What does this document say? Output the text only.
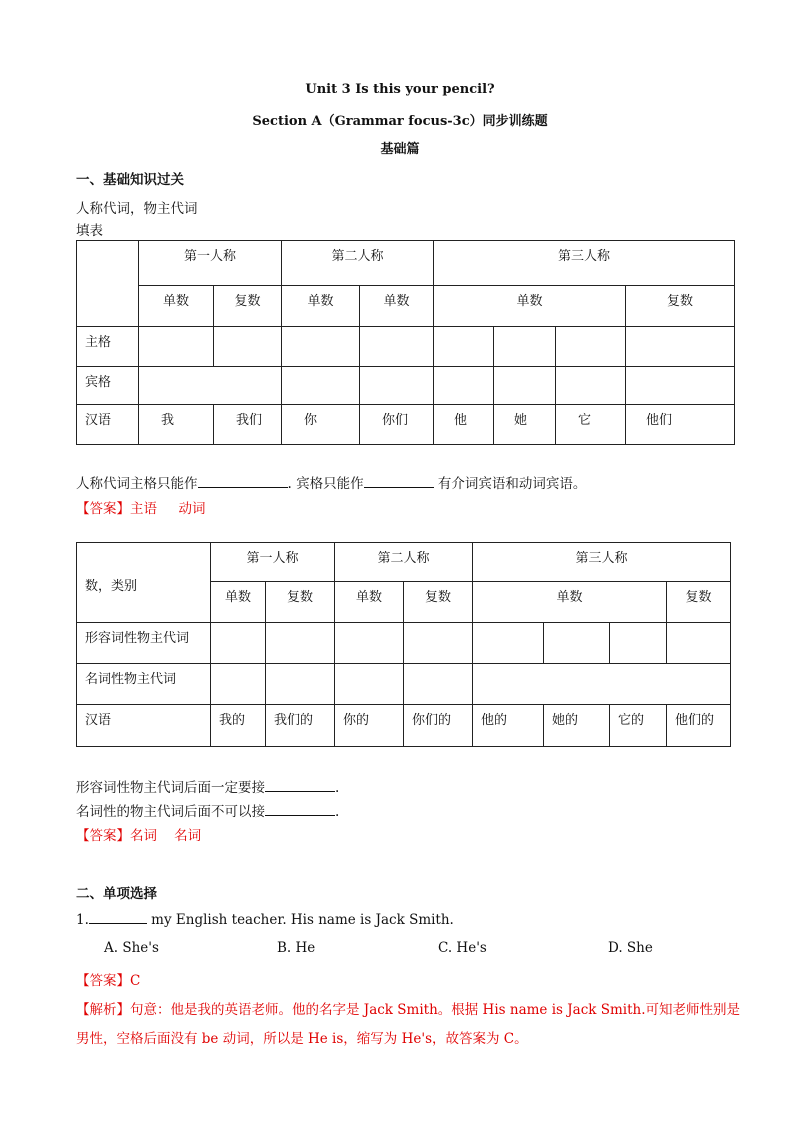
Unit 3 Is this your pencil?
Section A（Grammar focus-3c）同步训练题
基础篇
一、基础知识过关
人称代词，物主代词
填表
	第一人称		第二人称		第三人称			
	单数	复数	单数	单数	单数			复数
主格								
宾格								
汉语	我	我们	你	你们	他	她	它	他们
人称代词主格只能作	. 宾格只能作	有介词宾语和动词宾语。
【答案】主语     动词
数，类别	第一人称		第二人称		第三人称			
	单数	复数	单数	复数	单数			复数
形容词性物主代词								
名词性物主代词								
汉语	我的	我们的	你的	你们的	他的	她的	它的	他们的
形容词性物主代词后面一定要接	.
名词性的物主代词后面不可以接	.
【答案】名词    名词
二、单项选择
1.	my English teacher. His name is Jack Smith.
A. She's	B. He	C. He's	D. She
【答案】C
【解析】句意：他是我的英语老师。他的名字是 Jack Smith。根据 His name is Jack Smith.可知老师性别是
男性，空格后面没有 be 动词，所以是 He is，缩写为 He's，故答案为 C。
